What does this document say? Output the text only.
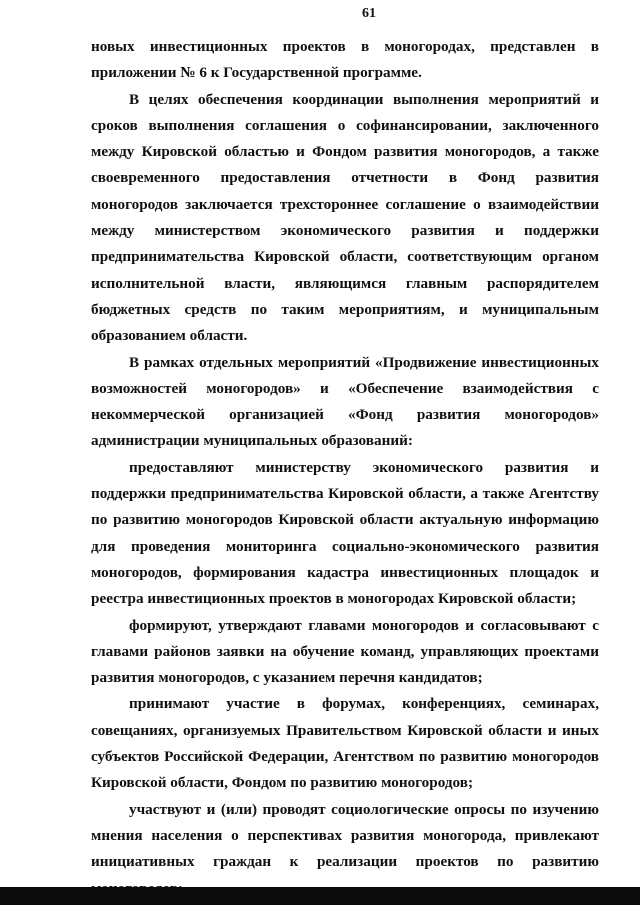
61

новых инвестиционных проектов в моногородах, представлен в приложении № 6 к Государственной программе.

В целях обеспечения координации выполнения мероприятий и сроков выполнения соглашения о софинансировании, заключенного между Кировской областью и Фондом развития моногородов, а также своевременного предоставления отчетности в Фонд развития моногородов заключается трехстороннее соглашение о взаимодействии между министерством экономического развития и поддержки предпринимательства Кировской области, соответствующим органом исполнительной власти, являющимся главным распорядителем бюджетных средств по таким мероприятиям, и муниципальным образованием области.

В рамках отдельных мероприятий «Продвижение инвестиционных возможностей моногородов» и «Обеспечение взаимодействия с некоммерческой организацией «Фонд развития моногородов» администрации муниципальных образований:

предоставляют министерству экономического развития и поддержки предпринимательства Кировской области, а также Агентству по развитию моногородов Кировской области актуальную информацию для проведения мониторинга социально-экономического развития моногородов, формирования кадастра инвестиционных площадок и реестра инвестиционных проектов в моногородах Кировской области;

формируют, утверждают главами моногородов и согласовывают с главами районов заявки на обучение команд, управляющих проектами развития моногородов, с указанием перечня кандидатов;

принимают участие в форумах, конференциях, семинарах, совещаниях, организуемых Правительством Кировской области и иных субъектов Российской Федерации, Агентством по развитию моногородов Кировской области, Фондом по развитию моногородов;

участвуют и (или) проводят социологические опросы по изучению мнения населения о перспективах развития моногорода, привлекают инициативных граждан к реализации проектов по развитию
